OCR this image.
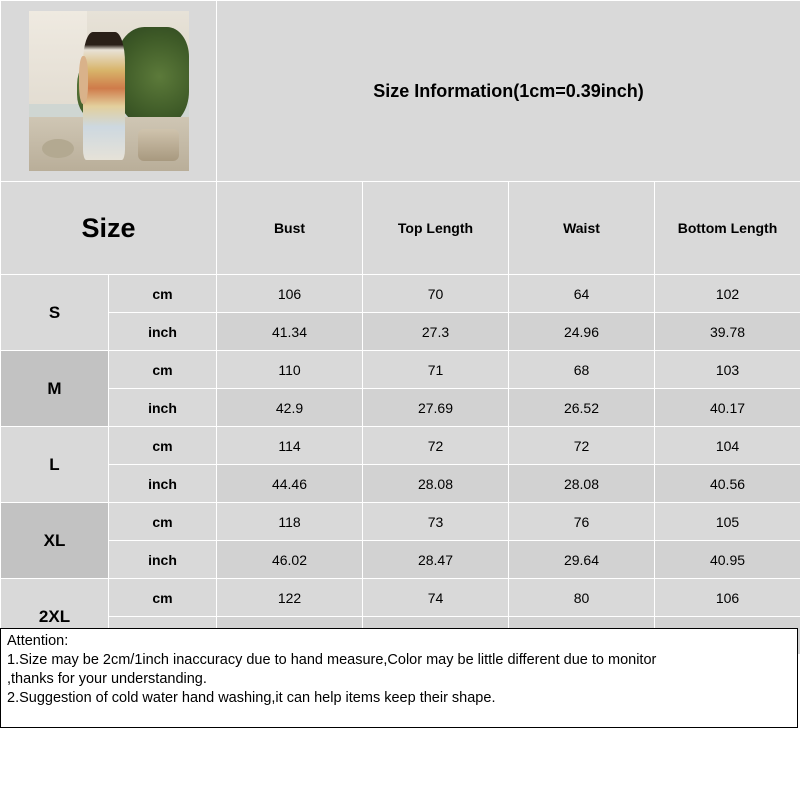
		Size Information(1cm=0.39inch)			
Size		Bust	Top Length	Waist	Bottom Length
S	cm	106	70	64	102
	inch	41.34	27.3	24.96	39.78
M	cm	110	71	68	103
	inch	42.9	27.69	26.52	40.17
L	cm	114	72	72	104
	inch	44.46	28.08	28.08	40.56
XL	cm	118	73	76	105
	inch	46.02	28.47	29.64	40.95
2XL	cm	122	74	80	106

Attention:
1.Size may be 2cm/1inch inaccuracy due to hand measure,Color may be little different due to monitor
,thanks for your understanding.
2.Suggestion of cold water hand washing,it can help items keep their shape.
